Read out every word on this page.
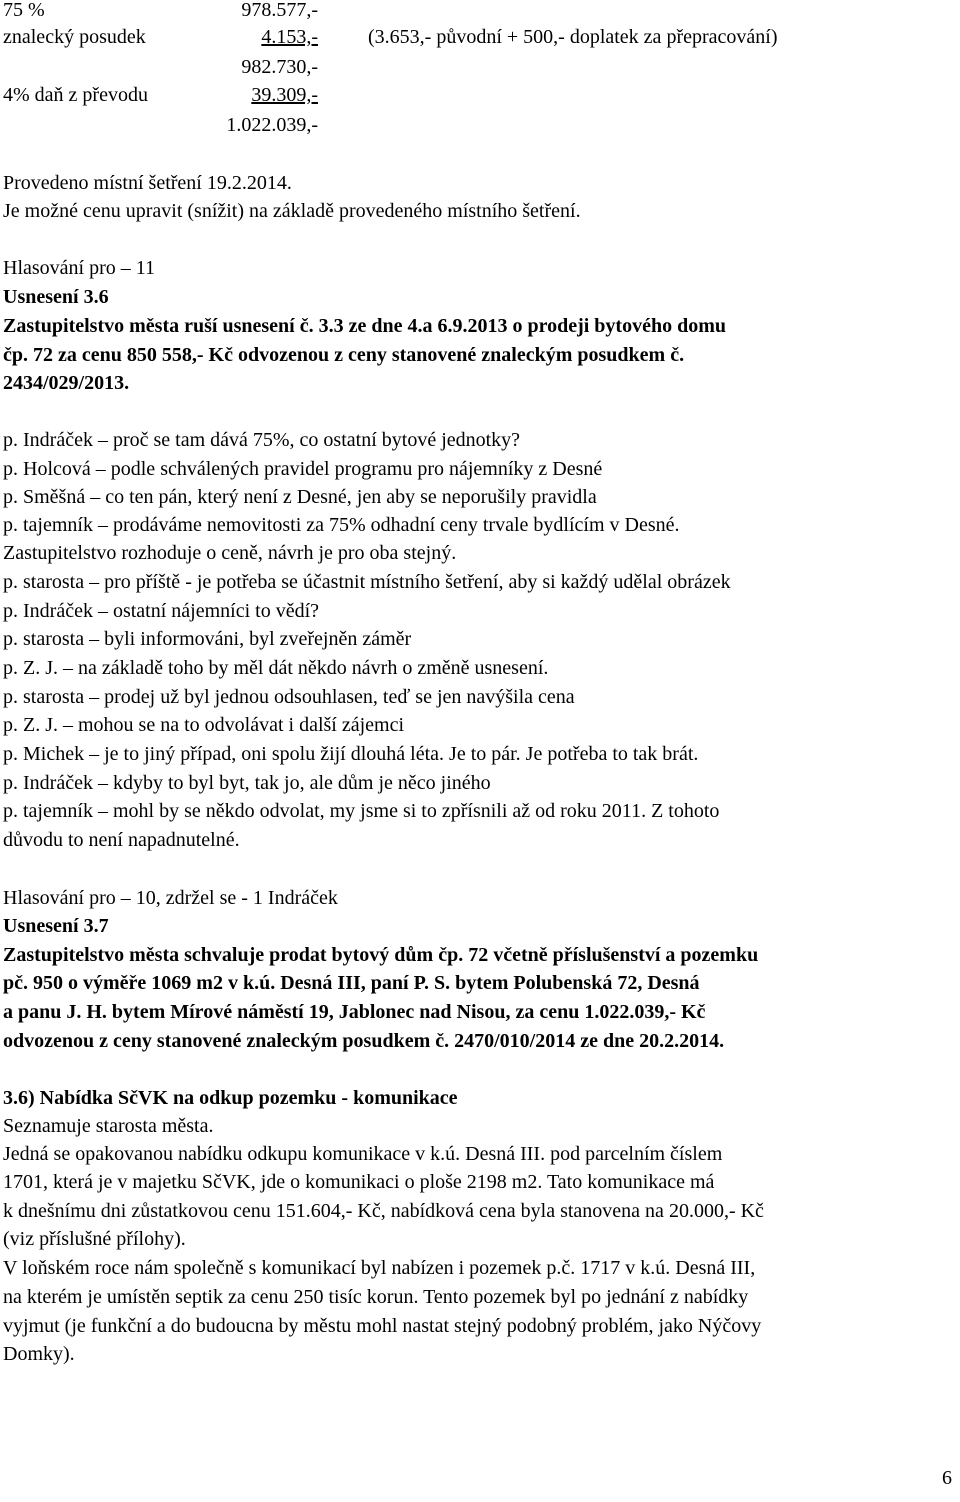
75 %	978.577,-
znalecký posudek	4.153,-	(3.653,- původní + 500,- doplatek za přepracování)
982.730,-
4% daň z převodu	39.309,-
1.022.039,-
Provedeno místní šetření 19.2.2014.
Je možné cenu upravit (snížit) na základě provedeného místního šetření.
Hlasování pro – 11
Usnesení 3.6
Zastupitelstvo města ruší usnesení č. 3.3 ze dne 4.a 6.9.2013 o prodeji bytového domu
čp. 72 za cenu 850 558,- Kč odvozenou z ceny stanovené znaleckým posudkem č.
2434/029/2013.
p. Indráček – proč se tam dává 75%, co ostatní bytové jednotky?
p. Holcová – podle schválených pravidel programu pro nájemníky z Desné
p. Směšná – co ten pán, který není z Desné, jen aby se neporušily pravidla
p. tajemník – prodáváme nemovitosti za 75% odhadní ceny trvale bydlícím v Desné.
Zastupitelstvo rozhoduje o ceně, návrh je pro oba stejný.
p. starosta – pro příště - je potřeba se účastnit místního šetření, aby si každý udělal obrázek
p. Indráček – ostatní nájemníci to vědí?
p. starosta – byli informováni, byl zveřejněn záměr
p. Z. J. – na základě toho by měl dát někdo návrh o změně usnesení.
p. starosta – prodej už byl jednou odsouhlasen, teď se jen navýšila cena
p. Z. J. – mohou se na to odvolávat i další zájemci
p. Michek – je to jiný případ, oni spolu žijí dlouhá léta. Je to pár. Je potřeba to tak brát.
p. Indráček – kdyby to byl byt, tak jo, ale dům je něco jiného
p. tajemník – mohl by se někdo odvolat, my jsme si to zpřísnili až od roku 2011. Z tohoto
důvodu to není napadnutelné.
Hlasování pro – 10, zdržel se - 1 Indráček
Usnesení 3.7
Zastupitelstvo města schvaluje prodat bytový dům čp. 72 včetně příslušenství a pozemku
pč. 950 o výměře 1069 m2 v k.ú. Desná III, paní P. S. bytem Polubenská 72, Desná
a panu J. H. bytem Mírové náměstí 19, Jablonec nad Nisou, za cenu 1.022.039,- Kč
odvozenou z ceny stanovené znaleckým posudkem č. 2470/010/2014 ze dne 20.2.2014.
3.6) Nabídka SčVK na odkup pozemku - komunikace
Seznamuje starosta města.
Jedná se opakovanou nabídku odkupu komunikace v k.ú. Desná III. pod parcelním číslem
1701, která je v majetku SčVK, jde o komunikaci o ploše 2198 m2. Tato komunikace má
k dnešnímu dni zůstatkovou cenu 151.604,- Kč, nabídková cena byla stanovena na 20.000,- Kč
(viz příslušné přílohy).
V loňském roce nám společně s komunikací byl nabízen i pozemek p.č. 1717 v k.ú. Desná III,
na kterém je umístěn septik za cenu 250 tisíc korun. Tento pozemek byl po jednání z nabídky
vyjmut (je funkční a do budoucna by městu mohl nastat stejný podobný problém, jako Nýčovy
Domky).
6
